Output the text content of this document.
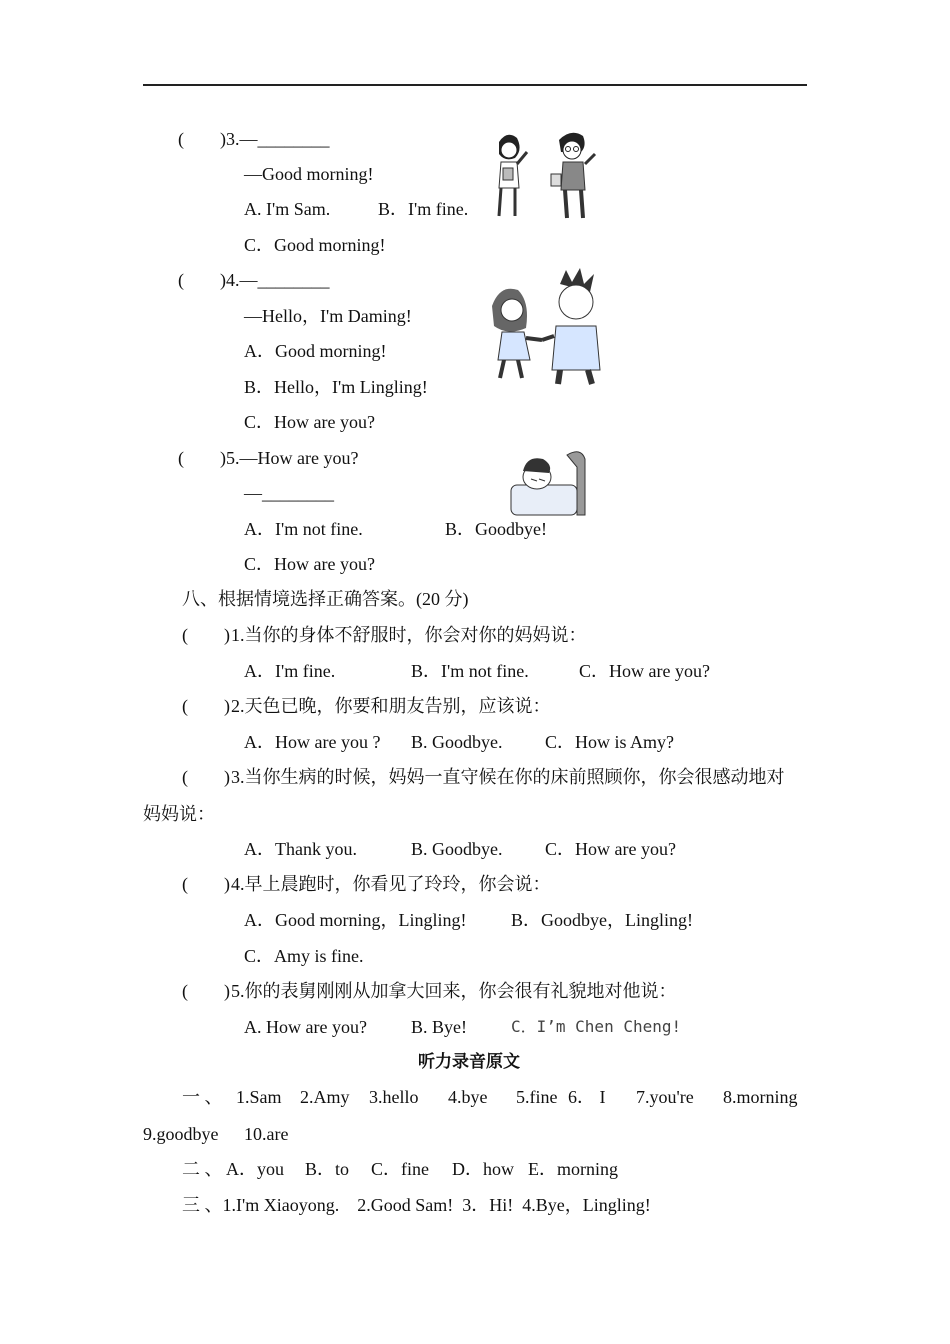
(        ) 3.—________
—Good morning!
A. I'm Sam.	B．I'm fine.
C．Good morning!
(        ) 4.—________
—Hello，I'm Daming!
A．Good morning!
B．Hello，I'm Lingling!
C．How are you?
(        ) 5.—How are you?
—________
A．I'm not fine.	B．Goodbye!
C．How are you?
八、根据情境选择正确答案。(20 分)
(        ) 1.当你的身体不舒服时，你会对你的妈妈说：
A．I'm fine.	B．I'm not fine.	C．How are you?
(        ) 2.天色已晚，你要和朋友告别，应该说：
A．How are you ? B. Goodbye. C．How is Amy?
(        ) 3.当你生病的时候，妈妈一直守候在你的床前照顾你，你会很感动地对
妈妈说：
A．Thank you.	B. Goodbye. C．How are you?
(        ) 4.早上晨跑时，你看见了玲玲，你会说：
A．Good morning，Lingling! B．Goodbye，Lingling!
C．Amy is fine.
(        ) 5.你的表舅刚刚从加拿大回来，你会很有礼貌地对他说：
A. How are you? B. Bye!	C．I’m Chen Cheng!
听力录音原文
一 、 1.Sam 2.Amy 3.hello 4.bye 5.fine 6． I 7.you're 8.morning
9.goodbye 10.are
二 、 A．you B．to C．fine D．how E．morning
三 、1.I'm Xiaoyong.    2.Good Sam!  3．Hi!  4.Bye，Lingling!
